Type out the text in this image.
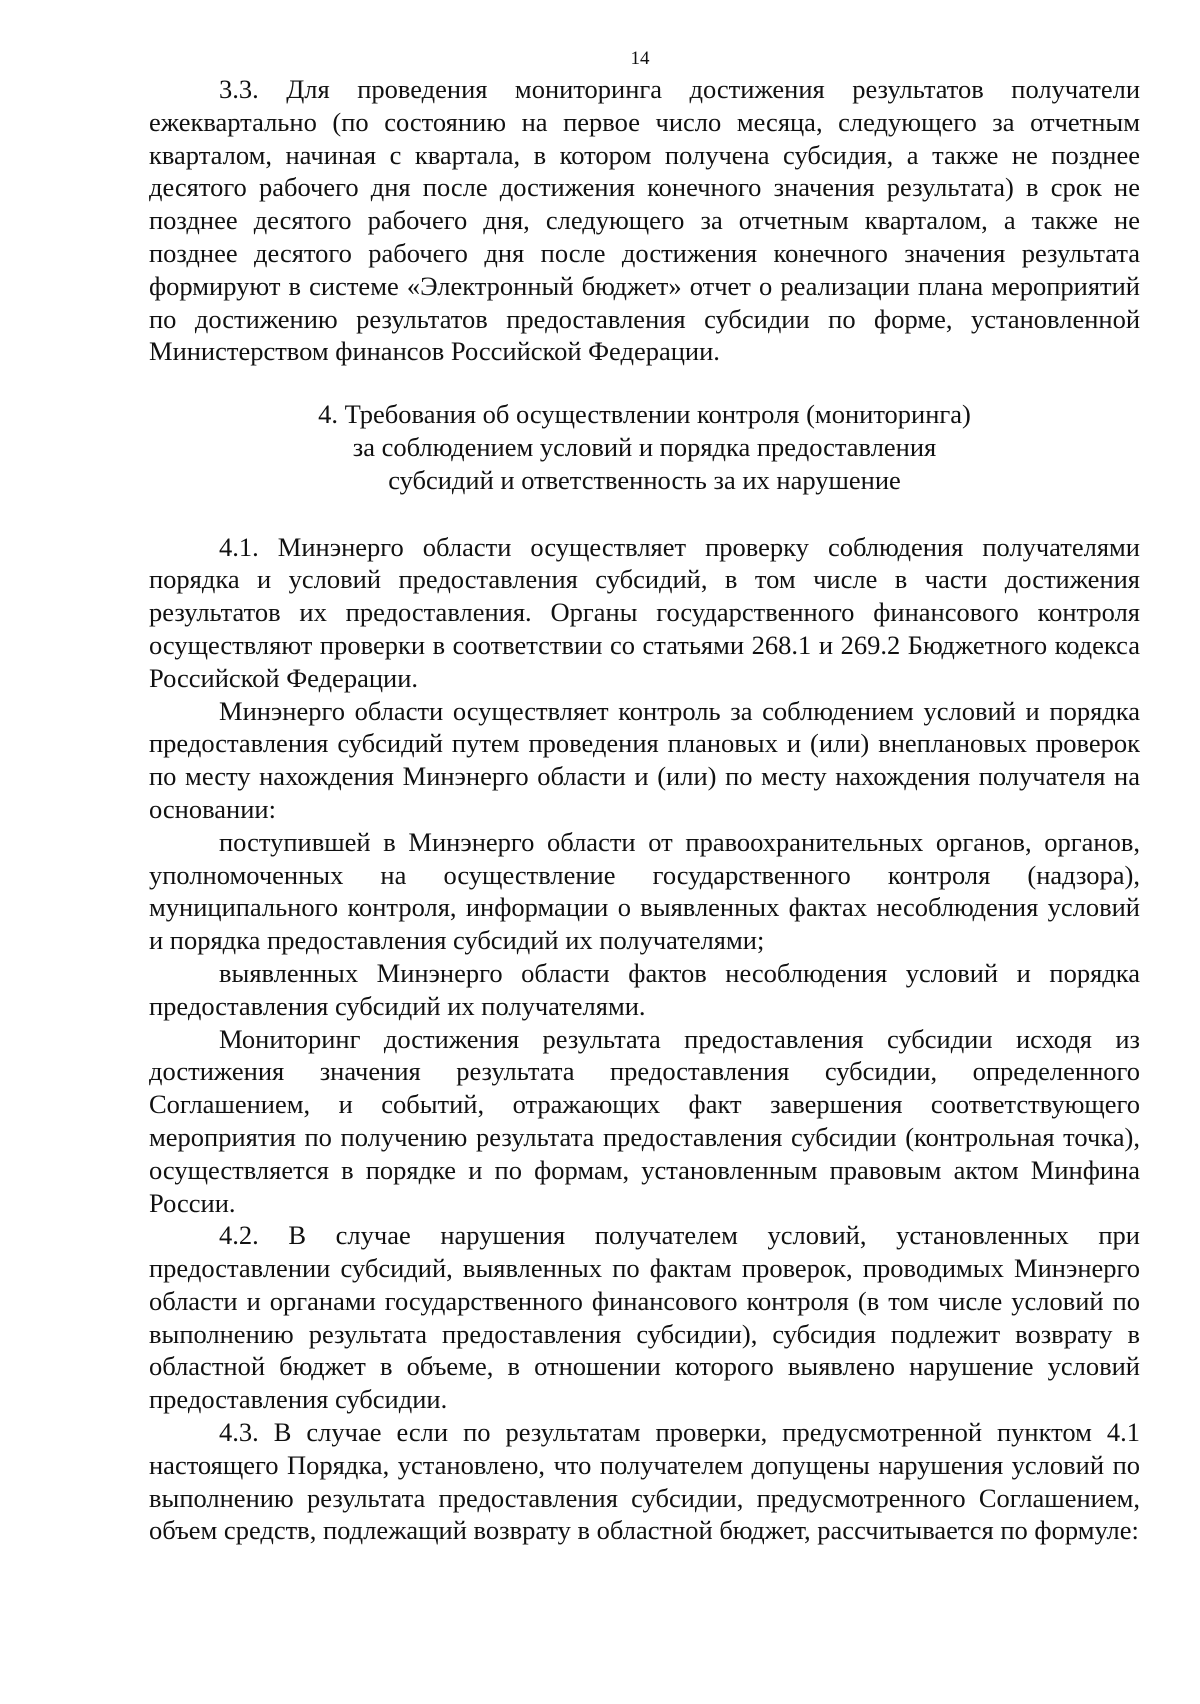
14

3.3. Для проведения мониторинга достижения результатов получатели ежеквартально (по состоянию на первое число месяца, следующего за отчетным кварталом, начиная с квартала, в котором получена субсидия, а также не позднее десятого рабочего дня после достижения конечного значения результата) в срок не позднее десятого рабочего дня, следующего за отчетным кварталом, а также не позднее десятого рабочего дня после достижения конечного значения результата формируют в системе «Электронный бюджет» отчет о реализации плана мероприятий по достижению результатов предоставления субсидии по форме, установленной Министерством финансов Российской Федерации.

4. Требования об осуществлении контроля (мониторинга)
за соблюдением условий и порядка предоставления
субсидий и ответственность за их нарушение

4.1. Минэнерго области осуществляет проверку соблюдения получателями порядка и условий предоставления субсидий, в том числе в части достижения результатов их предоставления. Органы государственного финансового контроля осуществляют проверки в соответствии со статьями 268.1 и 269.2 Бюджетного кодекса Российской Федерации.

Минэнерго области осуществляет контроль за соблюдением условий и порядка предоставления субсидий путем проведения плановых и (или) внеплановых проверок по месту нахождения Минэнерго области и (или) по месту нахождения получателя на основании:

поступившей в Минэнерго области от правоохранительных органов, органов, уполномоченных на осуществление государственного контроля (надзора), муниципального контроля, информации о выявленных фактах несоблюдения условий и порядка предоставления субсидий их получателями;

выявленных Минэнерго области фактов несоблюдения условий и порядка предоставления субсидий их получателями.

Мониторинг достижения результата предоставления субсидии исходя из достижения значения результата предоставления субсидии, определенного Соглашением, и событий, отражающих факт завершения соответствующего мероприятия по получению результата предоставления субсидии (контрольная точка), осуществляется в порядке и по формам, установленным правовым актом Минфина России.

4.2. В случае нарушения получателем условий, установленных при предоставлении субсидий, выявленных по фактам проверок, проводимых Минэнерго области и органами государственного финансового контроля (в том числе условий по выполнению результата предоставления субсидии), субсидия подлежит возврату в областной бюджет в объеме, в отношении которого выявлено нарушение условий предоставления субсидии.

4.3. В случае если по результатам проверки, предусмотренной пунктом 4.1 настоящего Порядка, установлено, что получателем допущены нарушения условий по выполнению результата предоставления субсидии, предусмотренного Соглашением, объем средств, подлежащий возврату в областной бюджет, рассчитывается по формуле:
